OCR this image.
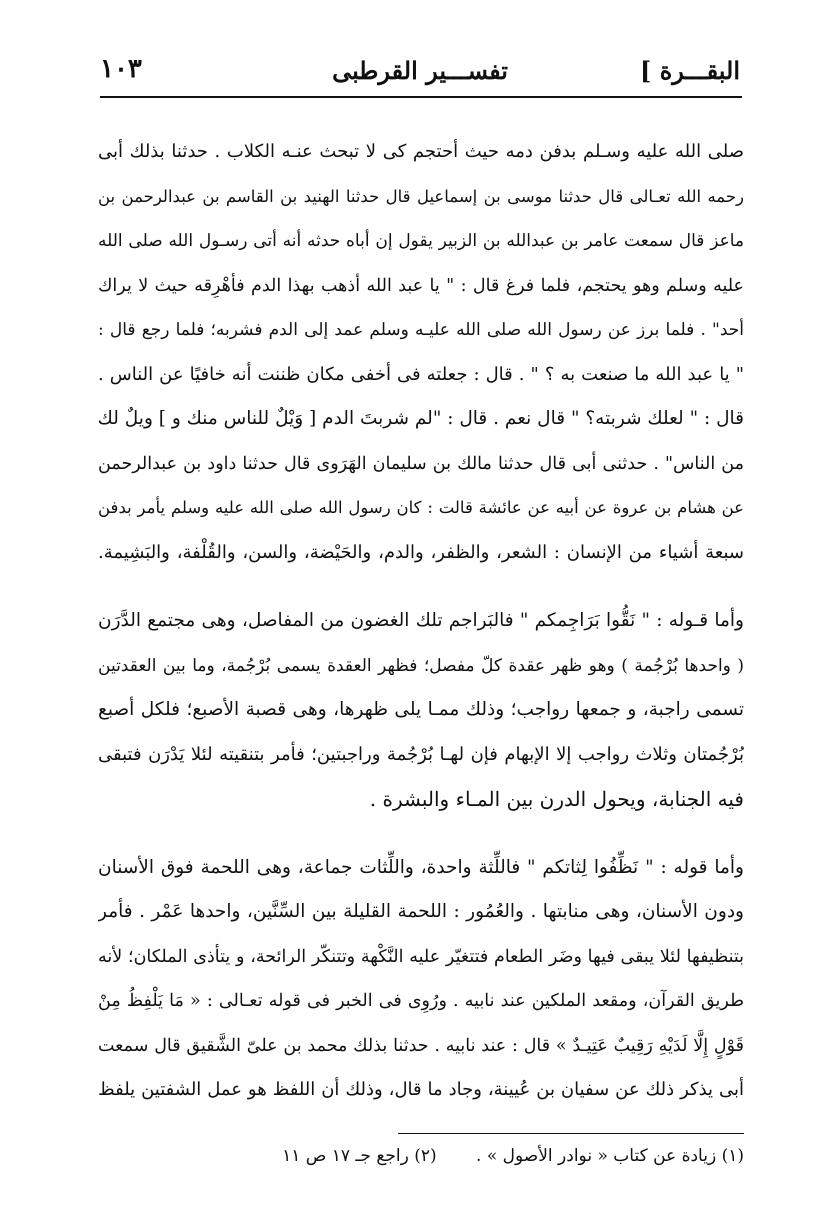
البقـــرة ]
تفســـير القرطبى
١٠٣

صلى الله عليه وسـلم بدفن دمه حيث أحتجم كى لا تبحث عنـه الكلاب . حدثنا بذلك أبى
رحمه الله تعـالى قال حدثنا موسى بن إسماعيل قال حدثنا الهنيد بن القاسم بن عبدالرحمن بن
ماعز قال سمعت عامر بن عبدالله بن الزبير يقول إن أباه حدثه أنه أتى رسـول الله صلى الله
عليه وسلم وهو يحتجم، فلما فرغ قال : " يا عبد الله أذهب بهذا الدم فأهْرِقه حيث لا يراك
أحد" . فلما برز عن رسول الله صلى الله عليـه وسلم عمد إلى الدم فشربه؛ فلما رجع قال :
" يا عبد الله ما صنعت به ؟ " . قال : جعلته فى أخفى مكان ظننت أنه خافيًا عن الناس .
قال : " لعلك شربته؟ " قال نعم . قال : "لم شربتَ الدم [ وَيْلٌ للناس منك و ] ويلٌ لك
من الناس" . حدثنى أبى قال حدثنا مالك بن سليمان الهَرَوى قال حدثنا داود بن عبدالرحمن
عن هشام بن عروة عن أبيه عن عائشة قالت : كان رسول الله صلى الله عليه وسلم يأمر بدفن
سبعة أشياء من الإنسان : الشعر، والظفر، والدم، والحَيْضة، والسن، والقُلْفة، والبَشِيمة.

وأما قـوله : " نَقُّوا بَرَاجِمكم " فالبَراجم تلك الغضون من المفاصل، وهى مجتمع الدَّرَن
( واحدها بُرْجُمة ) وهو ظهر عقدة كلّ مفصل؛ فظهر العقدة يسمى بُرْجُمة، وما بين العقدتين
تسمى راجبة، و جمعها رواجب؛ وذلك ممـا يلى ظهرها، وهى قصبة الأصبع؛ فلكل أصبع
بُرْجُمتان وثلاث رواجب إلا الإبهام فإن لهـا بُرْجُمة وراجبتين؛ فأمر بتنقيته لئلا يَدْرَن فتبقى
فيه الجنابة، ويحول الدرن بين المـاء والبشرة .

وأما قوله : " نَظِّفُوا لِثاتكم " فاللِّثة واحدة، واللِّثات جماعة، وهى اللحمة فوق الأسنان
ودون الأسنان، وهى منابتها . والعُمُور : اللحمة القليلة بين السِّنَّين، واحدها عَمْر . فأمر
بتنظيفها لئلا يبقى فيها وضَر الطعام فتتغيّر عليه النَّكْهة وتتنكّر الرائحة، و يتأذى الملكان؛ لأنه
طريق القرآن، ومقعد الملكين عند نابيه . ورُوِى فى الخبر فى قوله تعـالى : « مَا يَلْفِظُ مِنْ
قَوْلٍ إِلَّا لَدَيْهِ رَقِيبٌ عَتِيـدٌ » قال : عند نابيه . حدثنا بذلك محمد بن علىّ الشَّقيق قال سمعت
أبى يذكر ذلك عن سفيان بن عُيينة، وجاد ما قال، وذلك أن اللفظ هو عمل الشفتين يلفظ

(١) زيادة عن كتاب « نوادر الأصول » . (٢) راجع جـ ١٧ ص ١١
